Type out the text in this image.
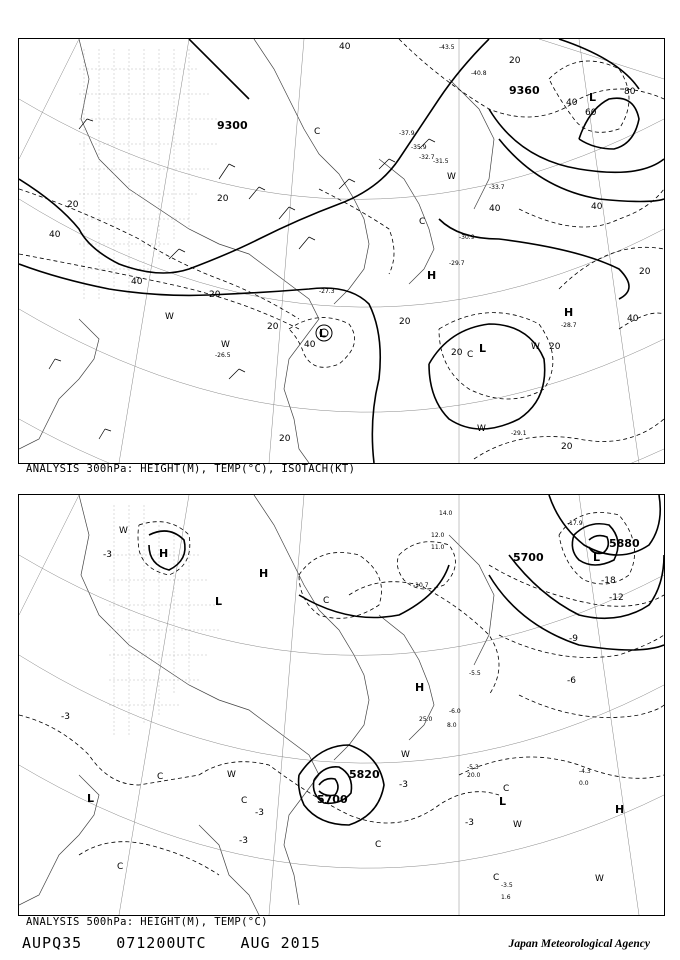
9360
9300
20
40
20
40
20
20
40
20
20
20
20
20
40	40
40
20
20
40
60
80
40
H
H
L
L
L
C
C
C
W
W
W
W
W
-43.5
-40.8
-37.9
-35.9
-31.5
-29.7
-27.3
-26.5
-29.1
-28.7
-32.7
-30.9
-33.7
ANALYSIS 300hPa: HEIGHT(M), TEMP(°C), ISOTACH(KT)
5700
5700
5820
5880
-18
-12
-9
-6
-3
-3
-3
-3
-3
-3
H
H
H
H
L
L	L
L
C
C
C
C
C
C
C
W
W
W
W
W
14.0
12.0
11.0
-10.7
-5.5
-4.3
-5.3
20.0
-3.5
1.6
-6.0
25.0
8.0
0.0
-17.9
ANALYSIS 500hPa: HEIGHT(M), TEMP(°C)
AUPQ35 071200UTC AUG 2015	Japan Meteorological Agency
